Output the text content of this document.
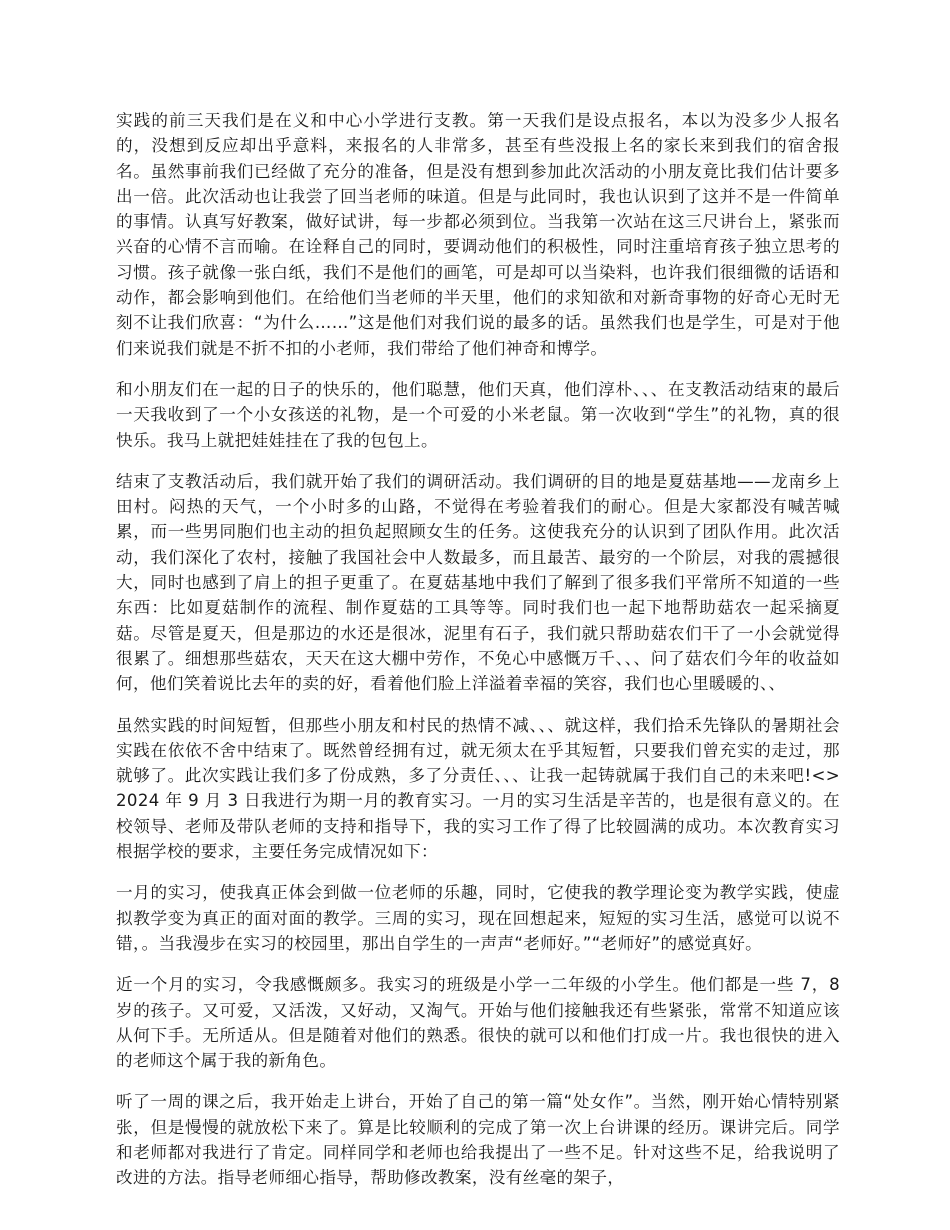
实践的前三天我们是在义和中心小学进行支教。第一天我们是设点报名，本以为没多少人报名的，没想到反应却出乎意料，来报名的人非常多，甚至有些没报上名的家长来到我们的宿舍报名。虽然事前我们已经做了充分的准备，但是没有想到参加此次活动的小朋友竟比我们估计要多出一倍。此次活动也让我尝了回当老师的味道。但是与此同时，我也认识到了这并不是一件简单的事情。认真写好教案，做好试讲，每一步都必须到位。当我第一次站在这三尺讲台上，紧张而兴奋的心情不言而喻。在诠释自己的同时，要调动他们的积极性，同时注重培育孩子独立思考的习惯。孩子就像一张白纸，我们不是他们的画笔，可是却可以当染料，也许我们很细微的话语和动作，都会影响到他们。在给他们当老师的半天里，他们的求知欲和对新奇事物的好奇心无时无刻不让我们欣喜：“为什么……”这是他们对我们说的最多的话。虽然我们也是学生，可是对于他们来说我们就是不折不扣的小老师，我们带给了他们神奇和博学。

和小朋友们在一起的日子的快乐的，他们聪慧，他们天真，他们淳朴、、、在支教活动结束的最后一天我收到了一个小女孩送的礼物，是一个可爱的小米老鼠。第一次收到“学生”的礼物，真的很快乐。我马上就把娃娃挂在了我的包包上。

结束了支教活动后，我们就开始了我们的调研活动。我们调研的目的地是夏菇基地——龙南乡上田村。闷热的天气，一个小时多的山路，不觉得在考验着我们的耐心。但是大家都没有喊苦喊累，而一些男同胞们也主动的担负起照顾女生的任务。这使我充分的认识到了团队作用。此次活动，我们深化了农村，接触了我国社会中人数最多，而且最苦、最穷的一个阶层，对我的震撼很大，同时也感到了肩上的担子更重了。在夏菇基地中我们了解到了很多我们平常所不知道的一些东西：比如夏菇制作的流程、制作夏菇的工具等等。同时我们也一起下地帮助菇农一起采摘夏菇。尽管是夏天，但是那边的水还是很冰，泥里有石子，我们就只帮助菇农们干了一小会就觉得很累了。细想那些菇农，天天在这大棚中劳作，不免心中感慨万千、、、问了菇农们今年的收益如何，他们笑着说比去年的卖的好，看着他们脸上洋溢着幸福的笑容，我们也心里暖暖的、、

虽然实践的时间短暂，但那些小朋友和村民的热情不减、、、就这样，我们拾禾先锋队的暑期社会实践在依依不舍中结束了。既然曾经拥有过，就无须太在乎其短暂，只要我们曾充实的走过，那就够了。此次实践让我们多了份成熟，多了分责任、、、让我一起铸就属于我们自己的未来吧!<>2024 年 9 月 3 日我进行为期一月的教育实习。一月的实习生活是辛苦的，也是很有意义的。在校领导、老师及带队老师的支持和指导下，我的实习工作了得了比较圆满的成功。本次教育实习根据学校的要求，主要任务完成情况如下：

一月的实习，使我真正体会到做一位老师的乐趣，同时，它使我的教学理论变为教学实践，使虚拟教学变为真正的面对面的教学。三周的实习，现在回想起来，短短的实习生活，感觉可以说不错，。当我漫步在实习的校园里，那出自学生的一声声“老师好。”“老师好”的感觉真好。

近一个月的实习，令我感慨颇多。我实习的班级是小学一二年级的小学生。他们都是一些 7，8 岁的孩子。又可爱，又活泼，又好动，又淘气。开始与他们接触我还有些紧张，常常不知道应该从何下手。无所适从。但是随着对他们的熟悉。很快的就可以和他们打成一片。我也很快的进入的老师这个属于我的新角色。

听了一周的课之后，我开始走上讲台，开始了自己的第一篇“处女作”。当然，刚开始心情特别紧张，但是慢慢的就放松下来了。算是比较顺利的完成了第一次上台讲课的经历。课讲完后。同学和老师都对我进行了肯定。同样同学和老师也给我提出了一些不足。针对这些不足，给我说明了改进的方法。指导老师细心指导，帮助修改教案，没有丝毫的架子，
